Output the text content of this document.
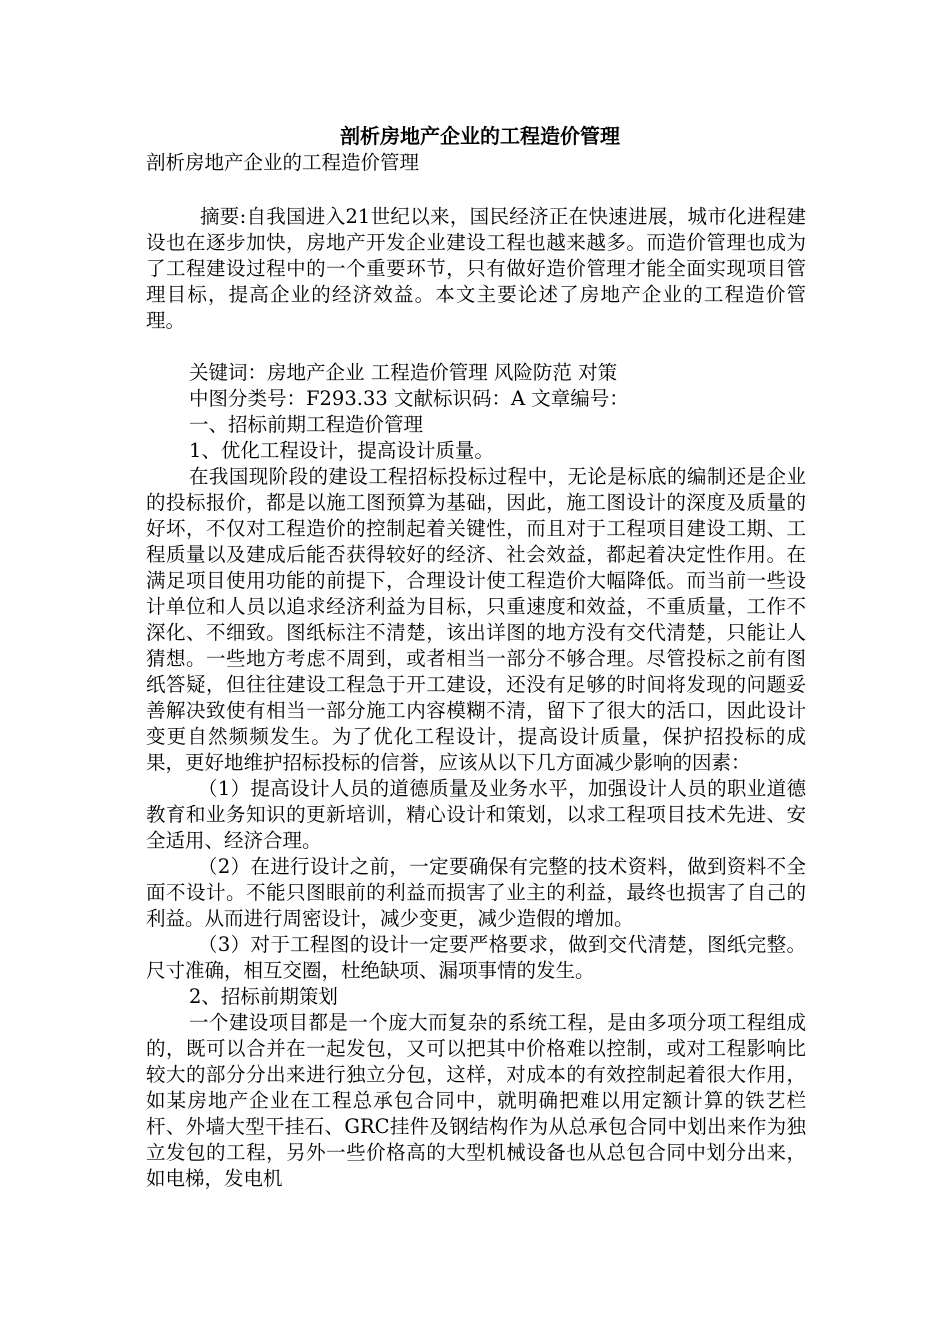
剖析房地产企业的工程造价管理

剖析房地产企业的工程造价管理

摘要:自我国进入21世纪以来，国民经济正在快速进展，城市化进程建设也在逐步加快，房地产开发企业建设工程也越来越多。而造价管理也成为了工程建设过程中的一个重要环节，只有做好造价管理才能全面实现项目管理目标，提高企业的经济效益。本文主要论述了房地产企业的工程造价管理。

关键词：房地产企业 工程造价管理 风险防范 对策

中图分类号：F293.33 文献标识码：A 文章编号：

一、招标前期工程造价管理

1、优化工程设计，提高设计质量。

在我国现阶段的建设工程招标投标过程中，无论是标底的编制还是企业的投标报价，都是以施工图预算为基础，因此，施工图设计的深度及质量的好坏，不仅对工程造价的控制起着关键性，而且对于工程项目建设工期、工程质量以及建成后能否获得较好的经济、社会效益，都起着决定性作用。在满足项目使用功能的前提下，合理设计使工程造价大幅降低。而当前一些设计单位和人员以追求经济利益为目标，只重速度和效益，不重质量，工作不深化、不细致。图纸标注不清楚，该出详图的地方没有交代清楚，只能让人猜想。一些地方考虑不周到，或者相当一部分不够合理。尽管投标之前有图纸答疑，但往往建设工程急于开工建设，还没有足够的时间将发现的问题妥善解决致使有相当一部分施工内容模糊不清，留下了很大的活口，因此设计变更自然频频发生。为了优化工程设计，提高设计质量，保护招投标的成果，更好地维护招标投标的信誉，应该从以下几方面减少影响的因素：

（1）提高设计人员的道德质量及业务水平，加强设计人员的职业道德教育和业务知识的更新培训，精心设计和策划，以求工程项目技术先进、安全适用、经济合理。

（2）在进行设计之前，一定要确保有完整的技术资料，做到资料不全面不设计。不能只图眼前的利益而损害了业主的利益，最终也损害了自己的利益。从而进行周密设计，减少变更，减少造假的增加。

（3）对于工程图的设计一定要严格要求，做到交代清楚，图纸完整。尺寸准确，相互交圈，杜绝缺项、漏项事情的发生。

2、招标前期策划

一个建设项目都是一个庞大而复杂的系统工程，是由多项分项工程组成的，既可以合并在一起发包，又可以把其中价格难以控制，或对工程影响比较大的部分分出来进行独立分包，这样，对成本的有效控制起着很大作用，如某房地产企业在工程总承包合同中，就明确把难以用定额计算的铁艺栏杆、外墙大型干挂石、GRC挂件及钢结构作为从总承包合同中划出来作为独立发包的工程，另外一些价格高的大型机械设备也从总包合同中划分出来，如电梯，发电机
